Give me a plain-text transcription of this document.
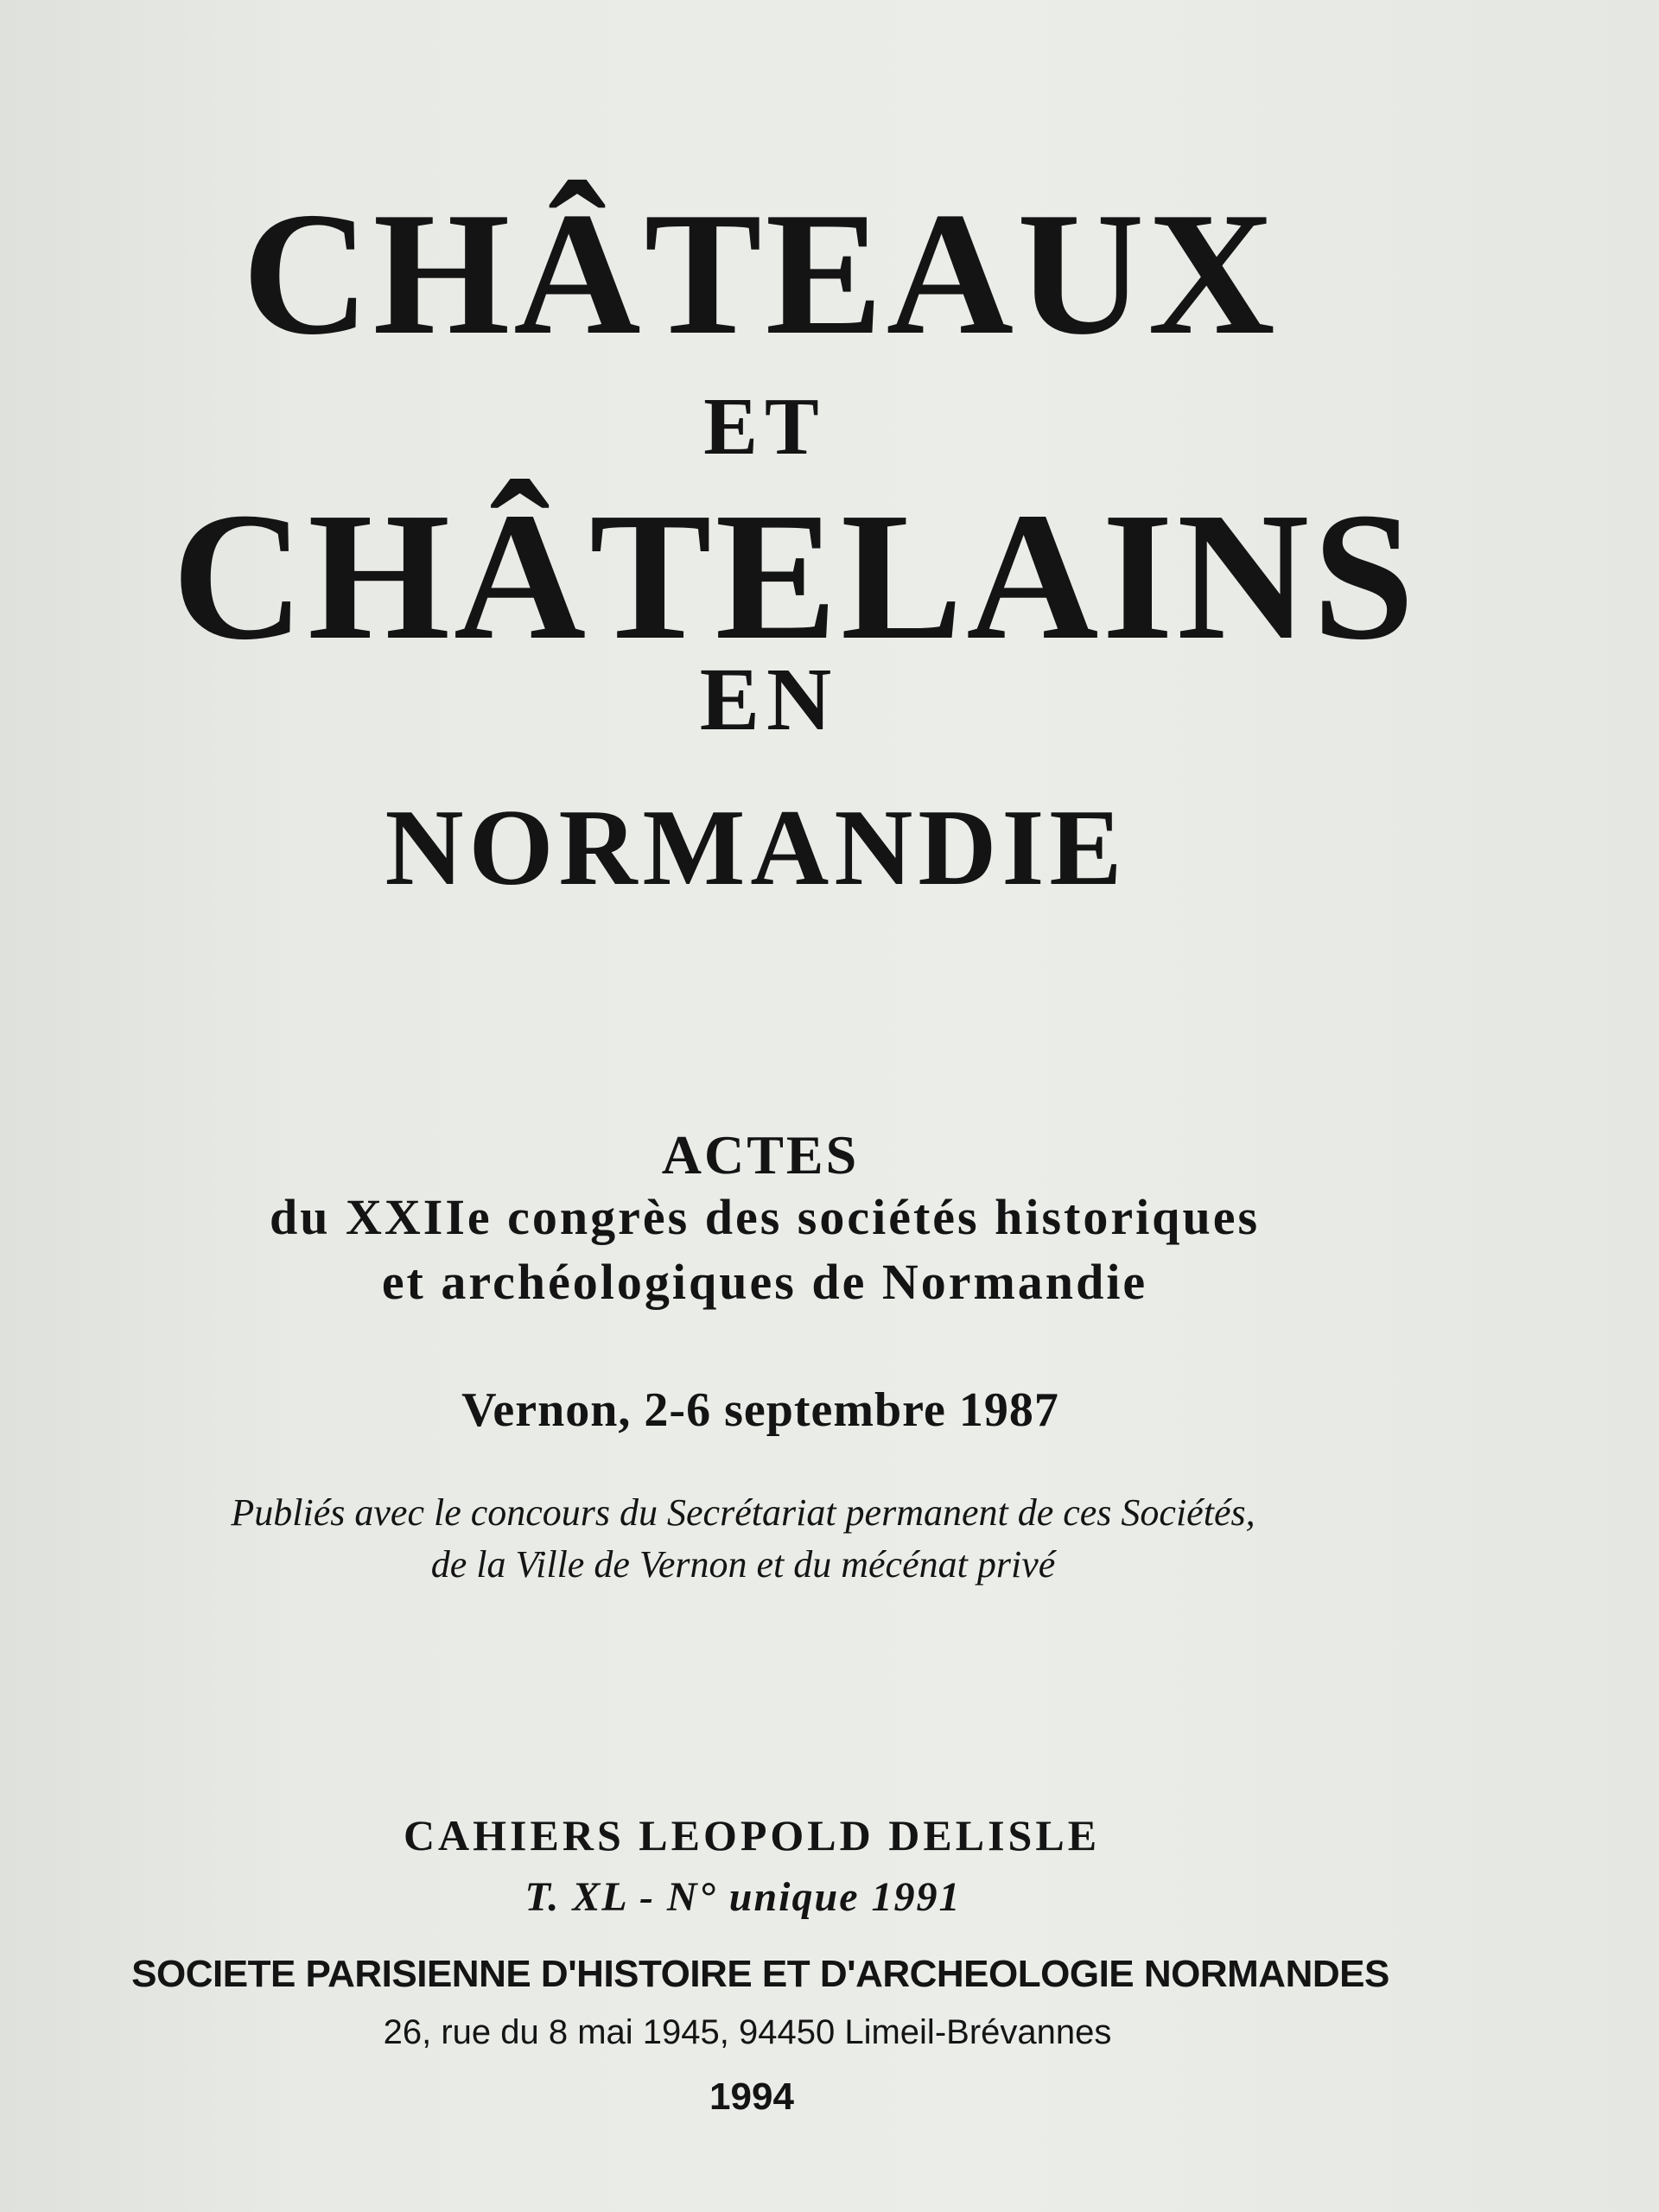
CHÂTEAUX
ET
CHÂTELAINS
EN
NORMANDIE
ACTES
du XXIIe congrès des sociétés historiques
et archéologiques de Normandie
Vernon, 2-6 septembre 1987
Publiés avec le concours du Secrétariat permanent de ces Sociétés,
de la Ville de Vernon et du mécénat privé
CAHIERS LEOPOLD DELISLE
T. XL - N° unique 1991
SOCIETE PARISIENNE D'HISTOIRE ET D'ARCHEOLOGIE NORMANDES
26, rue du 8 mai 1945, 94450 Limeil-Brévannes
1994
